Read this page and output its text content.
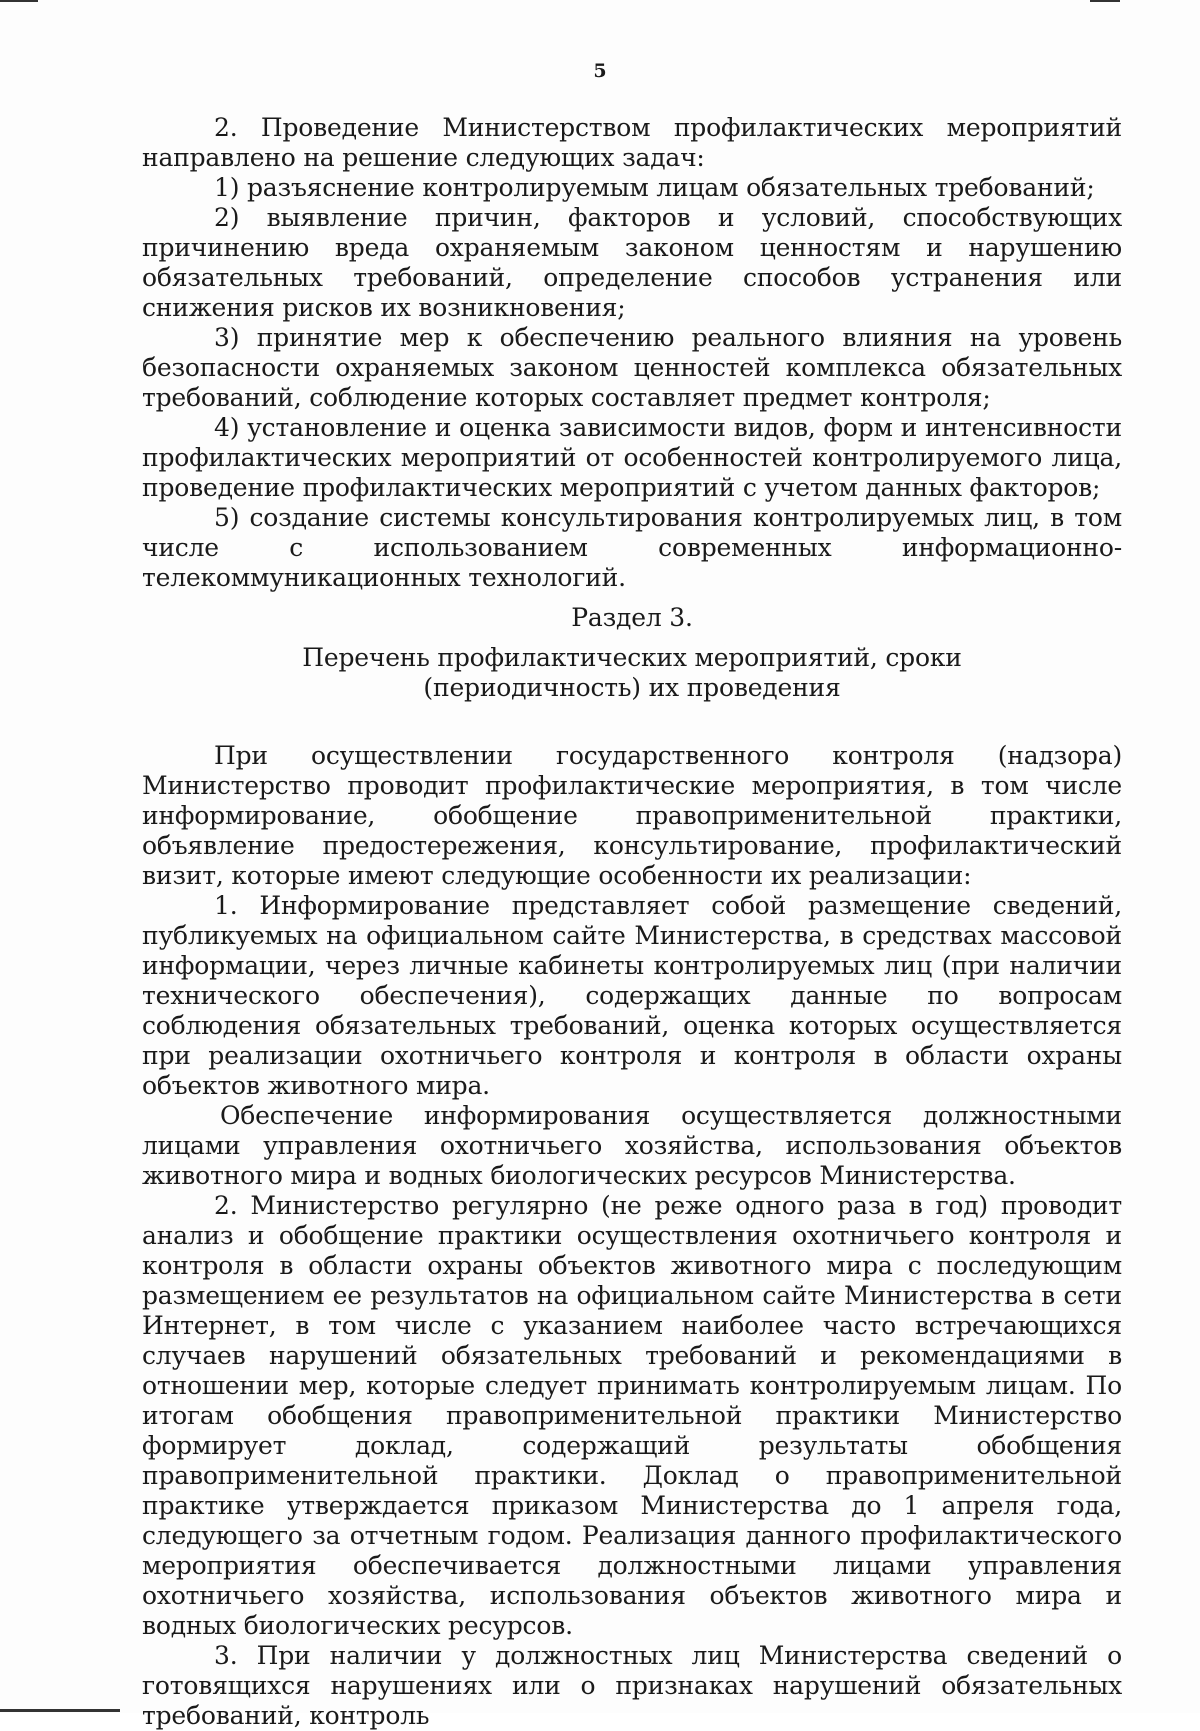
5

2. Проведение Министерством профилактических мероприятий направлено на решение следующих задач:

1) разъяснение контролируемым лицам обязательных требований;

2) выявление причин, факторов и условий, способствующих причинению вреда охраняемым законом ценностям и нарушению обязательных требований, определение способов устранения или снижения рисков их возникновения;

3) принятие мер к обеспечению реального влияния на уровень безопасности охраняемых законом ценностей комплекса обязательных требований, соблюдение которых составляет предмет контроля;

4) установление и оценка зависимости видов, форм и интенсивности профилактических мероприятий от особенностей контролируемого лица, проведение профилактических мероприятий с учетом данных факторов;

5) создание системы консультирования контролируемых лиц, в том числе с использованием современных информационно-телекоммуникационных технологий.

Раздел 3.

Перечень профилактических мероприятий, сроки (периодичность) их проведения

При осуществлении государственного контроля (надзора) Министерство проводит профилактические мероприятия, в том числе информирование, обобщение правоприменительной практики, объявление предостережения, консультирование, профилактический визит, которые имеют следующие особенности их реализации:

1. Информирование представляет собой размещение сведений, публикуемых на официальном сайте Министерства, в средствах массовой информации, через личные кабинеты контролируемых лиц (при наличии технического обеспечения), содержащих данные по вопросам соблюдения обязательных требований, оценка которых осуществляется при реализации охотничьего контроля и контроля в области охраны объектов животного мира.

Обеспечение информирования осуществляется должностными лицами управления охотничьего хозяйства, использования объектов животного мира и водных биологических ресурсов Министерства.

2. Министерство регулярно (не реже одного раза в год) проводит анализ и обобщение практики осуществления охотничьего контроля и контроля в области охраны объектов животного мира с последующим размещением ее результатов на официальном сайте Министерства в сети Интернет, в том числе с указанием наиболее часто встречающихся случаев нарушений обязательных требований и рекомендациями в отношении мер, которые следует принимать контролируемым лицам. По итогам обобщения правоприменительной практики Министерство формирует доклад, содержащий результаты обобщения правоприменительной практики. Доклад о правоприменительной практике утверждается приказом Министерства до 1 апреля года, следующего за отчетным годом. Реализация данного профилактического мероприятия обеспечивается должностными лицами управления охотничьего хозяйства, использования объектов животного мира и водных биологических ресурсов.

3. При наличии у должностных лиц Министерства сведений о готовящихся нарушениях или о признаках нарушений обязательных требований, контроль
